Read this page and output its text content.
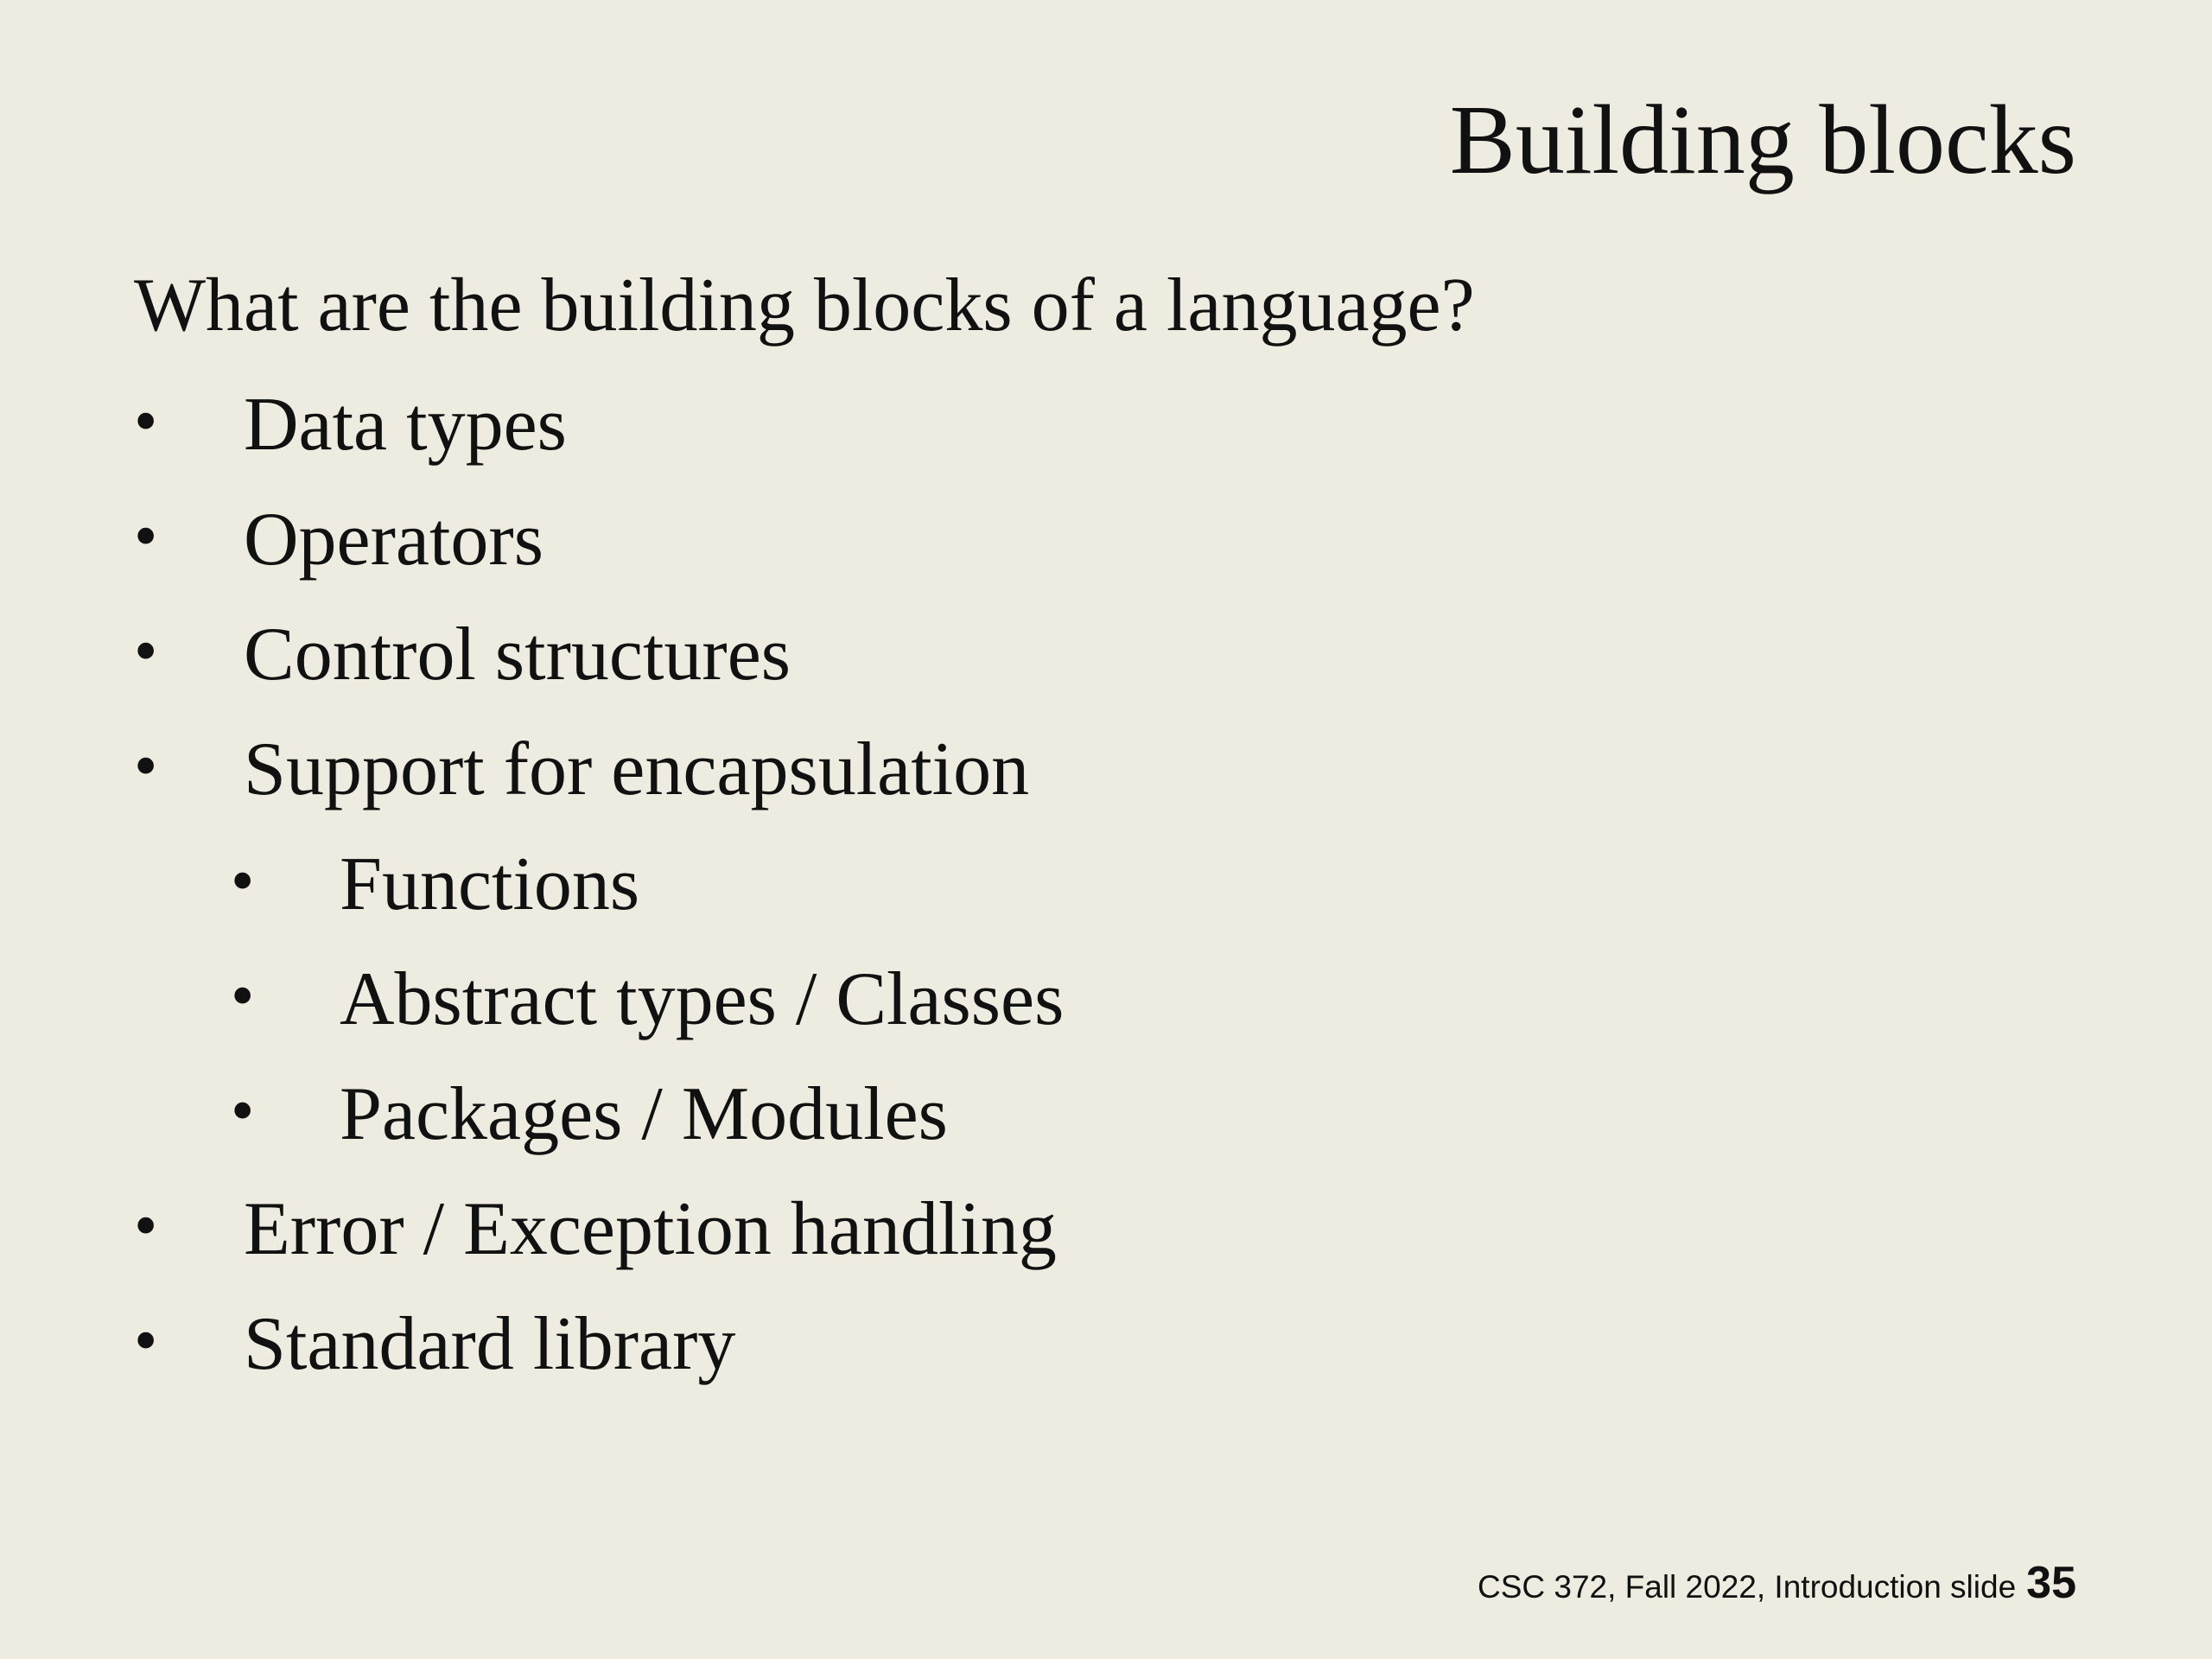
Building blocks

What are the building blocks of a language?

• Data types
• Operators
• Control structures
• Support for encapsulation
• Functions
• Abstract types / Classes
• Packages / Modules
• Error / Exception handling
• Standard library
CSC 372, Fall 2022, Introduction slide 35
